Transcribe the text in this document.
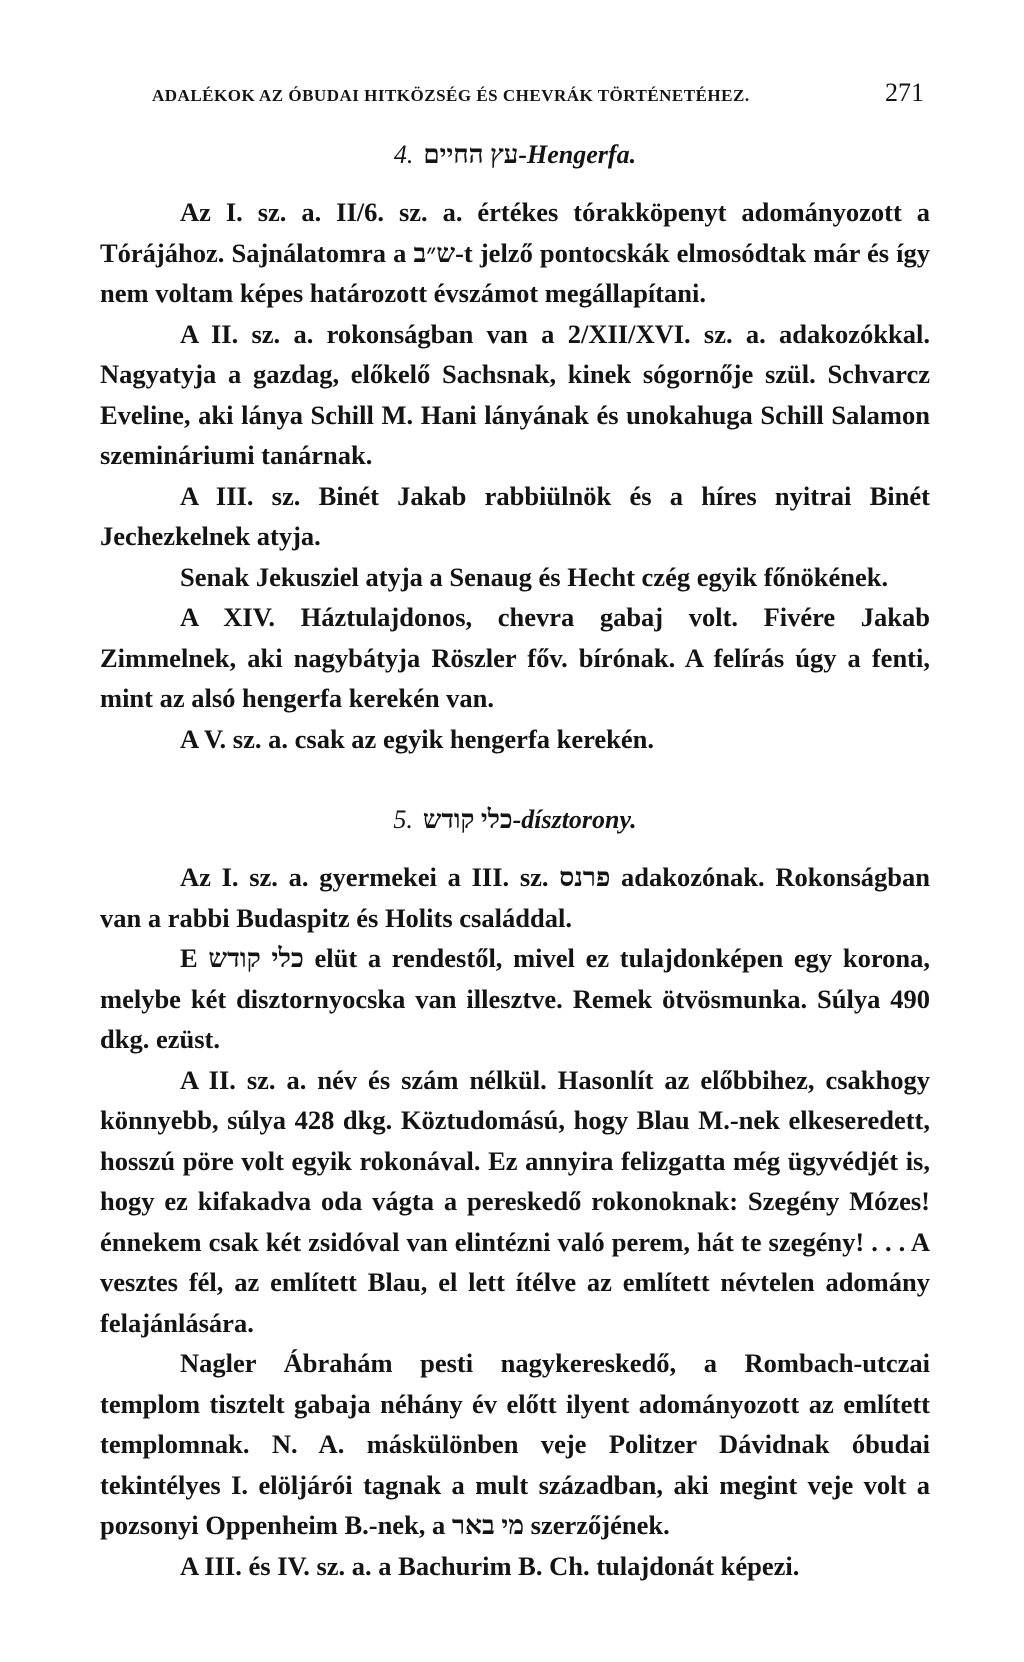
ADALÉKOK AZ ÓBUDAI HITKÖZSÉG ÉS CHEVRÁK TÖRTÉNETÉHEZ.	271
4. עץ החיים-Hengerfa.

Az I. sz. a. II/6. sz. a. értékes tórakköpenyt adományozott a Tórájához. Sajnálatomra a ש״ב-t jelző pontocskák elmosódtak már és így nem voltam képes határozott évszámot megállapítani.

A II. sz. a. rokonságban van a 2/XII/XVI. sz. a. adakozókkal. Nagyatyja a gazdag, előkelő Sachsnak, kinek sógornője szül. Schvarcz Eveline, aki lánya Schill M. Hani lányának és unokahuga Schill Salamon szemináriumi tanárnak.

A III. sz. Binét Jakab rabbiülnök és a híres nyitrai Binét Jechezkelnek atyja.

Senak Jekusziel atyja a Senaug és Hecht czég egyik főnökének.

A XIV. Háztulajdonos, chevra gabaj volt. Fivére Jakab Zimmelnek, aki nagybátyja Röszler főv. bírónak. A felírás úgy a fenti, mint az alsó hengerfa kerekén van.

A V. sz. a. csak az egyik hengerfa kerekén.

5. כלי קודש-dísztorony.

Az I. sz. a. gyermekei a III. sz. פרנס adakozónak. Rokonságban van a rabbi Budaspitz és Holits családdal.

E כלי קודש elüt a rendestől, mivel ez tulajdonképen egy korona, melybe két disztornyocska van illesztve. Remek ötvösmunka. Súlya 490 dkg. ezüst.

A II. sz. a. név és szám nélkül. Hasonlít az előbbihez, csakhogy könnyebb, súlya 428 dkg. Köztudomású, hogy Blau M.-nek elkeseredett, hosszú pöre volt egyik rokonával. Ez annyira felizgatta még ügyvédjét is, hogy ez kifakadva oda vágta a pereskedő rokonoknak: Szegény Mózes! énnekem csak két zsidóval van elintézni való perem, hát te szegény! . . . A vesztes fél, az említett Blau, el lett ítélve az említett névtelen adomány felajánlására.

Nagler Ábrahám pesti nagykereskedő, a Rombach-utczai templom tisztelt gabaja néhány év előtt ilyent adományozott az említett templomnak. N. A. máskülönben veje Politzer Dávidnak óbudai tekintélyes I. elöljárói tagnak a mult században, aki megint veje volt a pozsonyi Oppenheim B.-nek, a מי באר szerzőjének.

A III. és IV. sz. a. a Bachurim B. Ch. tulajdonát képezi.
